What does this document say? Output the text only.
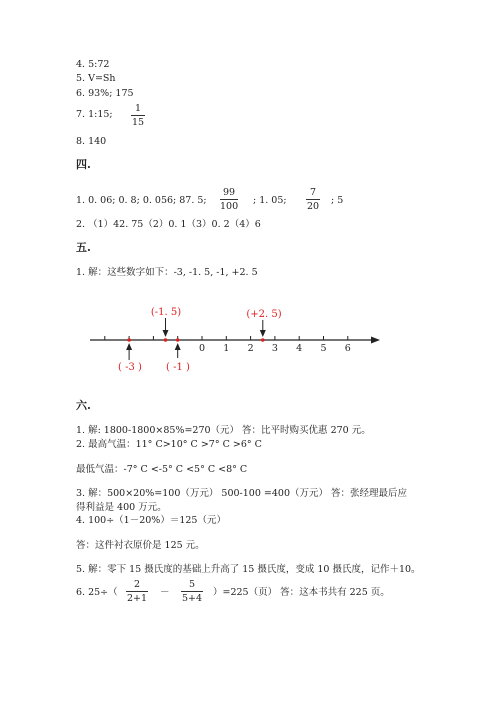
4. 5:72
5. V=Sh
6. 93%; 175
7. 1:15; $\frac{1}{15}$
8. 140
四.
1. 0. 06; 0. 8; 0. 056; 87. 5; $\frac{99}{100}$ ; 1. 05; $\frac{7}{20}$ ; 5
2. （1）42. 75（2）0. 1（3）0. 2（4）6
五.
1. 解：这些数字如下：-3, -1. 5, -1, +2. 5
0 1 2 3 4 5 6
(-1. 5)	(+2. 5)
( -3 ) ( -1 )
六.
1. 解: 1800-1800×85%=270（元） 答：比平时购买优惠 270 元。
2. 最高气温：11° C>10° C >7° C >6° C
最低气温：-7° C <-5° C <5° C <8° C
3. 解：500×20%=100（万元） 500-100 =400（万元） 答：张经理最后应
得利益是 400 万元。
4. 100÷（1－20%）＝125（元）
答：这件衬衣原价是 125 元。
5. 解：零下 15 摄氏度的基础上升高了 15 摄氏度，变成 10 摄氏度，记作＋10。
6. $25\div( \frac{2}{2+1} - \frac{5}{5+4} )=225$（页） 答：这本书共有 225 页。
